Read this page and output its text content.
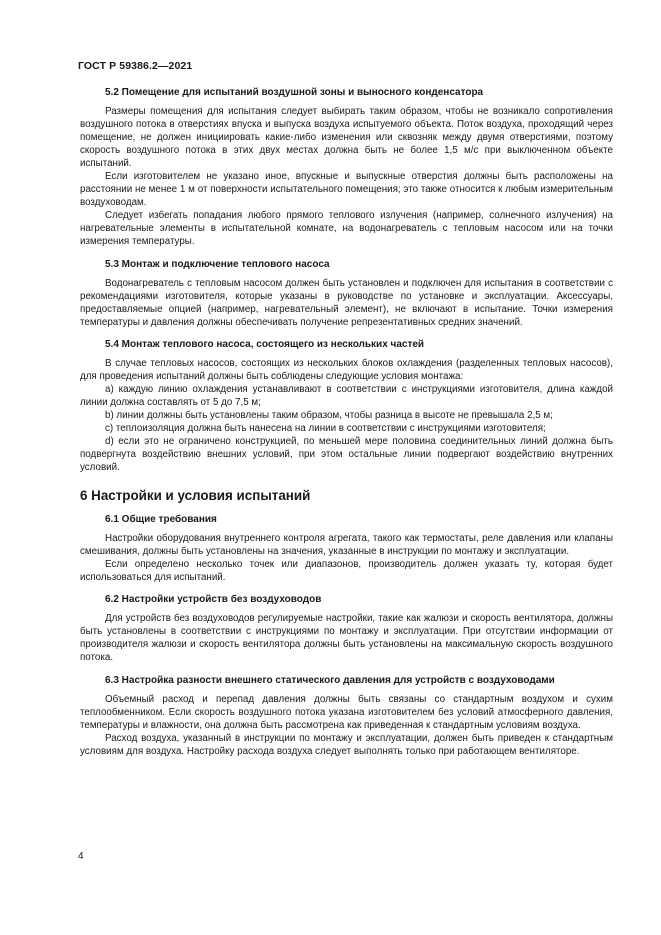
ГОСТ Р 59386.2—2021
5.2 Помещение для испытаний воздушной зоны и выносного конденсатора

Размеры помещения для испытания следует выбирать таким образом, чтобы не возникало сопротивления воздушного потока в отверстиях впуска и выпуска воздуха испытуемого объекта. Поток воздуха, проходящий через помещение, не должен инициировать какие-либо изменения или сквозняк между двумя отверстиями, поэтому скорость воздушного потока в этих двух местах должна быть не более 1,5 м/с при выключенном объекте испытаний.

Если изготовителем не указано иное, впускные и выпускные отверстия должны быть расположены на расстоянии не менее 1 м от поверхности испытательного помещения; это также относится к любым измерительным воздуховодам.

Следует избегать попадания любого прямого теплового излучения (например, солнечного излучения) на нагревательные элементы в испытательной комнате, на водонагреватель с тепловым насосом или на точки измерения температуры.

5.3 Монтаж и подключение теплового насоса

Водонагреватель с тепловым насосом должен быть установлен и подключен для испытания в соответствии с рекомендациями изготовителя, которые указаны в руководстве по установке и эксплуатации. Аксессуары, предоставляемые опцией (например, нагревательный элемент), не включают в испытание. Точки измерения температуры и давления должны обеспечивать получение репрезентативных средних значений.

5.4 Монтаж теплового насоса, состоящего из нескольких частей

В случае тепловых насосов, состоящих из нескольких блоков охлаждения (разделенных тепловых насосов), для проведения испытаний должны быть соблюдены следующие условия монтажа:

а) каждую линию охлаждения устанавливают в соответствии с инструкциями изготовителя, длина каждой линии должна составлять от 5 до 7,5 м;

b) линии должны быть установлены таким образом, чтобы разница в высоте не превышала 2,5 м;

c) теплоизоляция должна быть нанесена на линии в соответствии с инструкциями изготовителя;

d) если это не ограничено конструкцией, по меньшей мере половина соединительных линий должна быть подвергнута воздействию внешних условий, при этом остальные линии подвергают воздействию внутренних условий.

6 Настройки и условия испытаний
6.1 Общие требования

Настройки оборудования внутреннего контроля агрегата, такого как термостаты, реле давления или клапаны смешивания, должны быть установлены на значения, указанные в инструкции по монтажу и эксплуатации.

Если определено несколько точек или диапазонов, производитель должен указать ту, которая будет использоваться для испытаний.

6.2 Настройки устройств без воздуховодов

Для устройств без воздуховодов регулируемые настройки, такие как жалюзи и скорость вентилятора, должны быть установлены в соответствии с инструкциями по монтажу и эксплуатации. При отсутствии информации от производителя жалюзи и скорость вентилятора должны быть установлены на максимальную скорость воздушного потока.

6.3 Настройка разности внешнего статического давления для устройств с воздуховодами

Объемный расход и перепад давления должны быть связаны со стандартным воздухом и сухим теплообменником. Если скорость воздушного потока указана изготовителем без условий атмосферного давления, температуры и влажности, она должна быть рассмотрена как приведенная к стандартным условиям воздуха.

Расход воздуха, указанный в инструкции по монтажу и эксплуатации, должен быть приведен к стандартным условиям для воздуха. Настройку расхода воздуха следует выполнять только при работающем вентиляторе.

4
